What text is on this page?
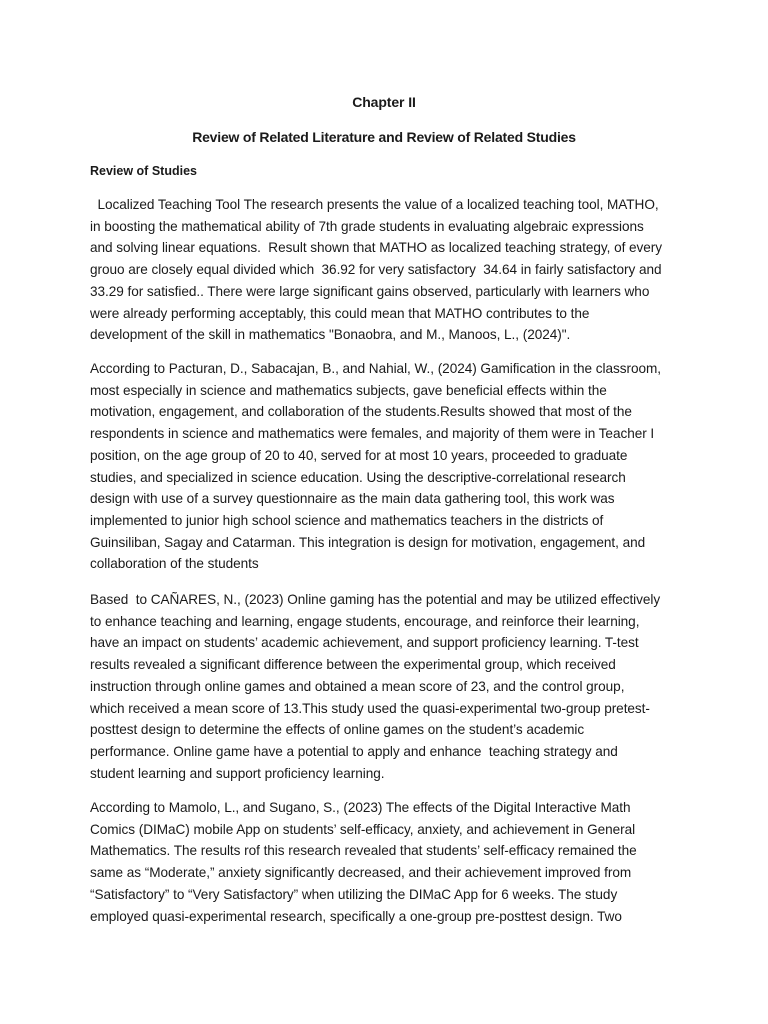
Chapter II
Review of Related Literature and Review of Related Studies
Review of Studies

Localized Teaching Tool The research presents the value of a localized teaching tool, MATHO,
in boosting the mathematical ability of 7th grade students in evaluating algebraic expressions
and solving linear equations.  Result shown that MATHO as localized teaching strategy, of every
grouo are closely equal divided which  36.92 for very satisfactory  34.64 in fairly satisfactory and
33.29 for satisfied.. There were large significant gains observed, particularly with learners who
were already performing acceptably, this could mean that MATHO contributes to the
development of the skill in mathematics "Bonaobra, and M., Manoos, L., (2024)".

According to Pacturan, D., Sabacajan, B., and Nahial, W., (2024) Gamification in the classroom,
most especially in science and mathematics subjects, gave beneficial effects within the
motivation, engagement, and collaboration of the students.Results showed that most of the
respondents in science and mathematics were females, and majority of them were in Teacher I
position, on the age group of 20 to 40, served for at most 10 years, proceeded to graduate
studies, and specialized in science education. Using the descriptive-correlational research
design with use of a survey questionnaire as the main data gathering tool, this work was
implemented to junior high school science and mathematics teachers in the districts of
Guinsiliban, Sagay and Catarman. This integration is design for motivation, engagement, and
collaboration of the students

Based  to CAÑARES, N., (2023) Online gaming has the potential and may be utilized effectively
to enhance teaching and learning, engage students, encourage, and reinforce their learning,
have an impact on students’ academic achievement, and support proficiency learning. T-test
results revealed a significant difference between the experimental group, which received
instruction through online games and obtained a mean score of 23, and the control group,
which received a mean score of 13.This study used the quasi-experimental two-group pretest-
posttest design to determine the effects of online games on the student’s academic
performance. Online game have a potential to apply and enhance  teaching strategy and
student learning and support proficiency learning.

According to Mamolo, L., and Sugano, S., (2023) The effects of the Digital Interactive Math
Comics (DIMaC) mobile App on students’ self-efficacy, anxiety, and achievement in General
Mathematics. The results rof this research revealed that students’ self-efficacy remained the
same as “Moderate,” anxiety significantly decreased, and their achievement improved from
“Satisfactory” to “Very Satisfactory” when utilizing the DIMaC App for 6 weeks. The study
employed quasi-experimental research, specifically a one-group pre-posttest design. Two
